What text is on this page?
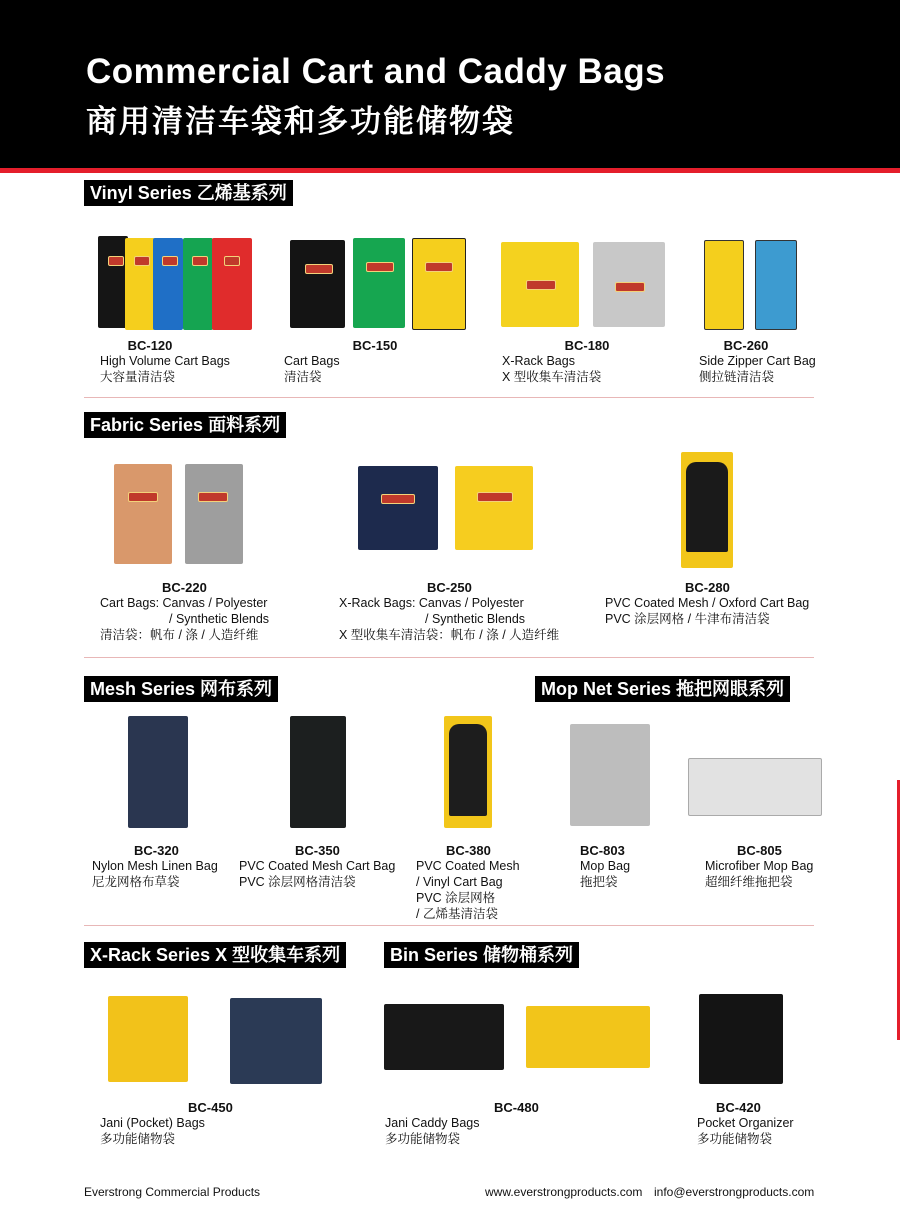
Commercial Cart and Caddy Bags
商用清洁车袋和多功能储物袋
Vinyl Series 乙烯基系列
BC-120
High Volume Cart Bags
大容量清洁袋
BC-150
Cart Bags
清洁袋
BC-180
X-Rack Bags
X 型收集车清洁袋
BC-260
Side Zipper Cart Bag
侧拉链清洁袋
Fabric Series 面料系列
BC-220
Cart Bags: Canvas / Polyester
/ Synthetic Blends
清洁袋：帆布 / 涤 / 人造纤维
BC-250
X-Rack Bags: Canvas / Polyester
/ Synthetic Blends
X 型收集车清洁袋：帆布 / 涤 / 人造纤维
BC-280
PVC Coated Mesh / Oxford Cart Bag
PVC 涂层网格 / 牛津布清洁袋
Mesh Series 网布系列	Mop Net Series 拖把网眼系列
BC-320
Nylon Mesh Linen Bag
尼龙网格布草袋
BC-350
PVC Coated Mesh Cart Bag
PVC 涂层网格清洁袋
BC-380
PVC Coated Mesh
/ Vinyl Cart Bag
PVC 涂层网格
/ 乙烯基清洁袋
BC-803
Mop Bag
拖把袋
BC-805
Microfiber Mop Bag
超细纤维拖把袋
X-Rack Series X 型收集车系列	Bin Series 储物桶系列
BC-450
Jani (Pocket) Bags
多功能储物袋
BC-480
Jani Caddy Bags
多功能储物袋
BC-420
Pocket Organizer
多功能储物袋
Everstrong Commercial Products	www.everstrongproducts.com info@everstrongproducts.com
